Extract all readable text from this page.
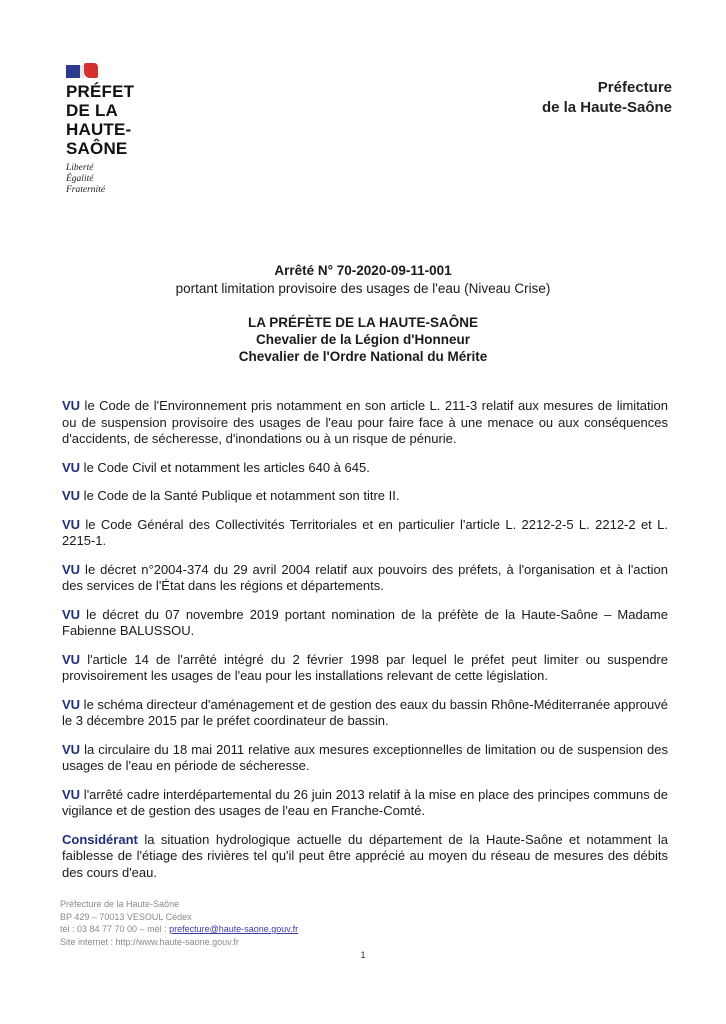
PRÉFET
DE LA HAUTE-
SAÔNE
Liberté
Égalité
Fraternité
Préfecture
de la Haute-Saône
Arrêté N° 70-2020-09-11-001
portant limitation provisoire des usages de l'eau (Niveau Crise)
LA PRÉFÈTE DE LA HAUTE-SAÔNE
Chevalier de la Légion d'Honneur
Chevalier de l'Ordre National du Mérite

VU le Code de l'Environnement pris notamment en son article L. 211-3 relatif aux mesures de limitation ou de suspension provisoire des usages de l'eau pour faire face à une menace ou aux conséquences d'accidents, de sécheresse, d'inondations ou à un risque de pénurie.

VU le Code Civil et notamment les articles 640 à 645.

VU le Code de la Santé Publique et notamment son titre II.

VU le Code Général des Collectivités Territoriales et en particulier l'article L. 2212-2-5 L. 2212-2 et L. 2215-1.

VU le décret n°2004-374 du 29 avril 2004 relatif aux pouvoirs des préfets, à l'organisation et à l'action des services de l'État dans les régions et départements.

VU le décret du 07 novembre 2019 portant nomination de la préfète de la Haute-Saône – Madame Fabienne BALUSSOU.

VU l'article 14 de l'arrêté intégré du 2 février 1998 par lequel le préfet peut limiter ou suspendre provisoirement les usages de l'eau pour les installations relevant de cette législation.

VU le schéma directeur d'aménagement et de gestion des eaux du bassin Rhône-Méditerranée approuvé le 3 décembre 2015 par le préfet coordinateur de bassin.

VU la circulaire du 18 mai 2011 relative aux mesures exceptionnelles de limitation ou de suspension des usages de l'eau en période de sécheresse.

VU l'arrêté cadre interdépartemental du 26 juin 2013 relatif à la mise en place des principes communs de vigilance et de gestion des usages de l'eau en Franche-Comté.

Considérant la situation hydrologique actuelle du département de la Haute-Saône et notamment la faiblesse de l'étiage des rivières tel qu'il peut être apprécié au moyen du réseau de mesures des débits des cours d'eau.

Préfecture de la Haute-Saône
BP 429 – 70013 VESOUL Cédex
tél : 03 84 77 70 00 – mél : prefecture@haute-saone.gouv.fr
Site internet : http://www.haute-saone.gouv.fr
1
